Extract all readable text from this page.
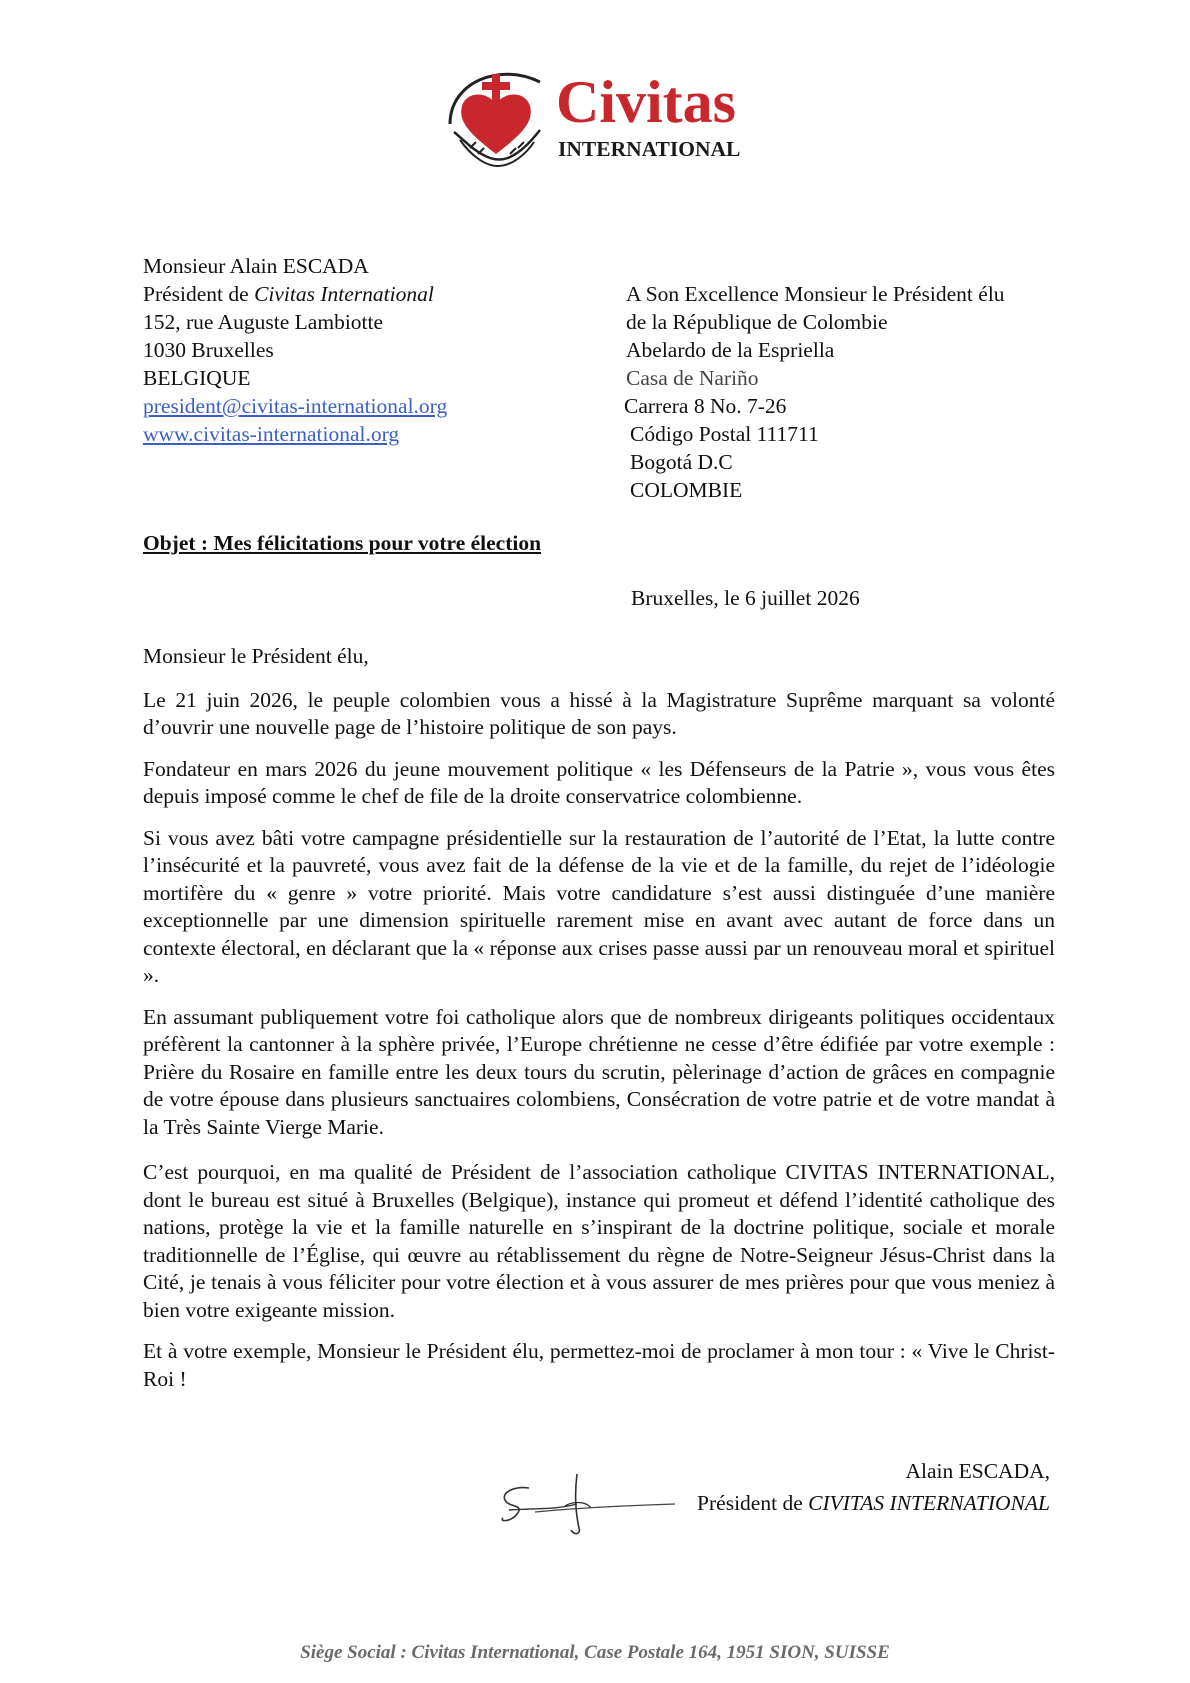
Civitas
INTERNATIONAL
Monsieur Alain ESCADA
Président de Civitas International
152, rue Auguste Lambiotte
1030 Bruxelles
BELGIQUE
president@civitas-international.org
www.civitas-international.org
A Son Excellence Monsieur le Président élu
de la République de Colombie
Abelardo de la Espriella
Casa de Nariño
Carrera 8 No. 7-26
Código Postal 111711
Bogotá D.C
COLOMBIE
Objet : Mes félicitations pour votre élection
Bruxelles, le 6 juillet 2026

Monsieur le Président élu,

Le 21 juin 2026, le peuple colombien vous a hissé à la Magistrature Suprême marquant sa volonté d’ouvrir une nouvelle page de l’histoire politique de son pays.

Fondateur en mars 2026 du jeune mouvement politique « les Défenseurs de la Patrie », vous vous êtes depuis imposé comme le chef de file de la droite conservatrice colombienne.

Si vous avez bâti votre campagne présidentielle sur la restauration de l’autorité de l’Etat, la lutte contre l’insécurité et la pauvreté, vous avez fait de la défense de la vie et de la famille, du rejet de l’idéologie mortifère du « genre » votre priorité. Mais votre candidature s’est aussi distinguée d’une manière exceptionnelle par une dimension spirituelle rarement mise en avant avec autant de force dans un contexte électoral, en déclarant que la « réponse aux crises passe aussi par un renouveau moral et spirituel ».

En assumant publiquement votre foi catholique alors que de nombreux dirigeants politiques occidentaux préfèrent la cantonner à la sphère privée, l’Europe chrétienne ne cesse d’être édifiée par votre exemple : Prière du Rosaire en famille entre les deux tours du scrutin, pèlerinage d’action de grâces en compagnie de votre épouse dans plusieurs sanctuaires colombiens, Consécration de votre patrie et de votre mandat à la Très Sainte Vierge Marie.

C’est pourquoi, en ma qualité de Président de l’association catholique CIVITAS INTERNATIONAL, dont le bureau est situé à Bruxelles (Belgique), instance qui promeut et défend l’identité catholique des nations, protège la vie et la famille naturelle en s’inspirant de la doctrine politique, sociale et morale traditionnelle de l’Église, qui œuvre au rétablissement du règne de Notre-Seigneur Jésus-Christ dans la Cité, je tenais à vous féliciter pour votre élection et à vous assurer de mes prières pour que vous meniez à bien votre exigeante mission.

Et à votre exemple, Monsieur le Président élu, permettez-moi de proclamer à mon tour : « Vive le Christ-Roi !

Alain ESCADA,
Président de CIVITAS INTERNATIONAL
Siège Social : Civitas International, Case Postale 164, 1951 SION, SUISSE
